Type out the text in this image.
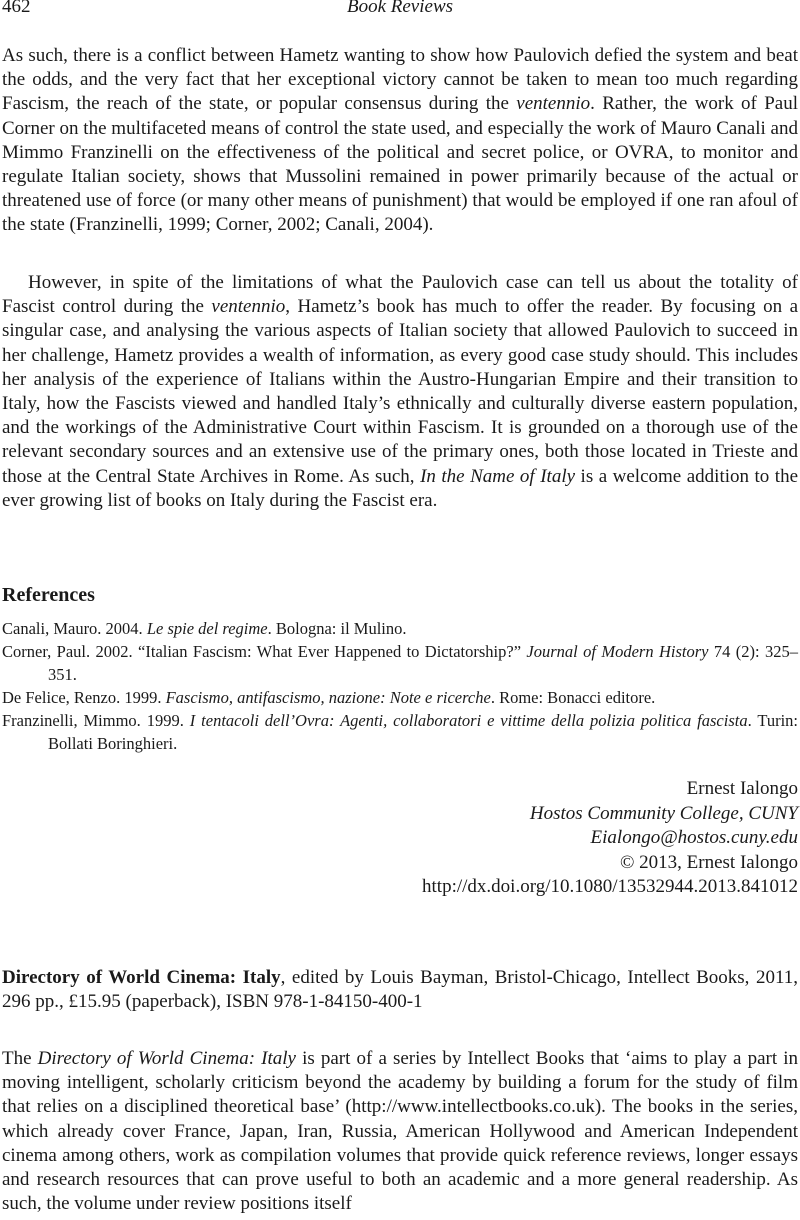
462	Book Reviews

As such, there is a conflict between Hametz wanting to show how Paulovich defied the system and beat the odds, and the very fact that her exceptional victory cannot be taken to mean too much regarding Fascism, the reach of the state, or popular consensus during the ventennio. Rather, the work of Paul Corner on the multifaceted means of control the state used, and especially the work of Mauro Canali and Mimmo Franzinelli on the effectiveness of the political and secret police, or OVRA, to monitor and regulate Italian society, shows that Mussolini remained in power primarily because of the actual or threatened use of force (or many other means of punishment) that would be employed if one ran afoul of the state (Franzinelli, 1999; Corner, 2002; Canali, 2004).

However, in spite of the limitations of what the Paulovich case can tell us about the totality of Fascist control during the ventennio, Hametz’s book has much to offer the reader. By focusing on a singular case, and analysing the various aspects of Italian society that allowed Paulovich to succeed in her challenge, Hametz provides a wealth of information, as every good case study should. This includes her analysis of the experience of Italians within the Austro-Hungarian Empire and their transition to Italy, how the Fascists viewed and handled Italy’s ethnically and culturally diverse eastern population, and the workings of the Administrative Court within Fascism. It is grounded on a thorough use of the relevant secondary sources and an extensive use of the primary ones, both those located in Trieste and those at the Central State Archives in Rome. As such, In the Name of Italy is a welcome addition to the ever growing list of books on Italy during the Fascist era.

References
Canali, Mauro. 2004. Le spie del regime. Bologna: il Mulino.
Corner, Paul. 2002. “Italian Fascism: What Ever Happened to Dictatorship?” Journal of Modern History 74 (2): 325–351.
De Felice, Renzo. 1999. Fascismo, antifascismo, nazione: Note e ricerche. Rome: Bonacci editore.
Franzinelli, Mimmo. 1999. I tentacoli dell’Ovra: Agenti, collaboratori e vittime della polizia politica fascista. Turin: Bollati Boringhieri.
Ernest Ialongo
Hostos Community College, CUNY
Eialongo@hostos.cuny.edu
© 2013, Ernest Ialongo
http://dx.doi.org/10.1080/13532944.2013.841012
Directory of World Cinema: Italy, edited by Louis Bayman, Bristol-Chicago, Intellect Books, 2011, 296 pp., £15.95 (paperback), ISBN 978-1-84150-400-1

The Directory of World Cinema: Italy is part of a series by Intellect Books that ‘aims to play a part in moving intelligent, scholarly criticism beyond the academy by building a forum for the study of film that relies on a disciplined theoretical base’ (http://www.intellectbooks.co.uk). The books in the series, which already cover France, Japan, Iran, Russia, American Hollywood and American Independent cinema among others, work as compilation volumes that provide quick reference reviews, longer essays and research resources that can prove useful to both an academic and a more general readership. As such, the volume under review positions itself
